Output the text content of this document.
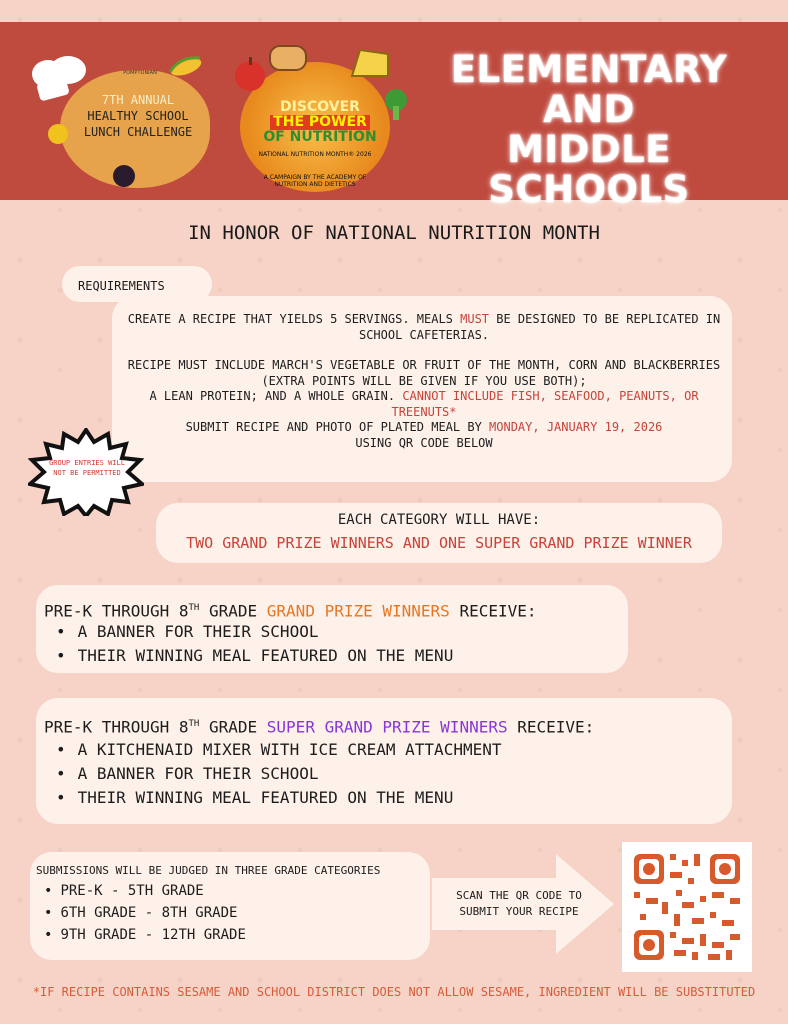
POMPTONIAN
7TH ANNUAL
HEALTHY SCHOOL
LUNCH CHALLENGE
DISCOVER
THE POWER
OF NUTRITION
NATIONAL NUTRITION MONTH® 2026
A CAMPAIGN BY THE ACADEMY OF NUTRITION AND DIETETICS
ELEMENTARY
AND
MIDDLE SCHOOLS
IN HONOR OF NATIONAL NUTRITION MONTH
REQUIREMENTS
CREATE A RECIPE THAT YIELDS 5 SERVINGS. MEALS MUST BE DESIGNED TO BE REPLICATED IN SCHOOL CAFETERIAS.
RECIPE MUST INCLUDE MARCH'S VEGETABLE OR FRUIT OF THE MONTH, CORN AND BLACKBERRIES (EXTRA POINTS WILL BE GIVEN IF YOU USE BOTH);
A LEAN PROTEIN; AND A WHOLE GRAIN. CANNOT INCLUDE FISH, SEAFOOD, PEANUTS, OR TREENUTS*
SUBMIT RECIPE AND PHOTO OF PLATED MEAL BY MONDAY, JANUARY 19, 2026
USING QR CODE BELOW
GROUP ENTRIES WILL NOT BE PERMITTED
EACH CATEGORY WILL HAVE:
TWO GRAND PRIZE WINNERS AND ONE SUPER GRAND PRIZE WINNER
PRE-K THROUGH 8TH GRADE GRAND PRIZE WINNERS RECEIVE:
• A BANNER FOR THEIR SCHOOL
• THEIR WINNING MEAL FEATURED ON THE MENU
PRE-K THROUGH 8TH GRADE SUPER GRAND PRIZE WINNERS RECEIVE:
• A KITCHENAID MIXER WITH ICE CREAM ATTACHMENT
• A BANNER FOR THEIR SCHOOL
• THEIR WINNING MEAL FEATURED ON THE MENU
SUBMISSIONS WILL BE JUDGED IN THREE GRADE CATEGORIES
• PRE-K - 5TH GRADE
• 6TH GRADE - 8TH GRADE
• 9TH GRADE - 12TH GRADE
SCAN THE QR CODE TO SUBMIT YOUR RECIPE
*IF RECIPE CONTAINS SESAME AND SCHOOL DISTRICT DOES NOT ALLOW SESAME, INGREDIENT WILL BE SUBSTITUTED
